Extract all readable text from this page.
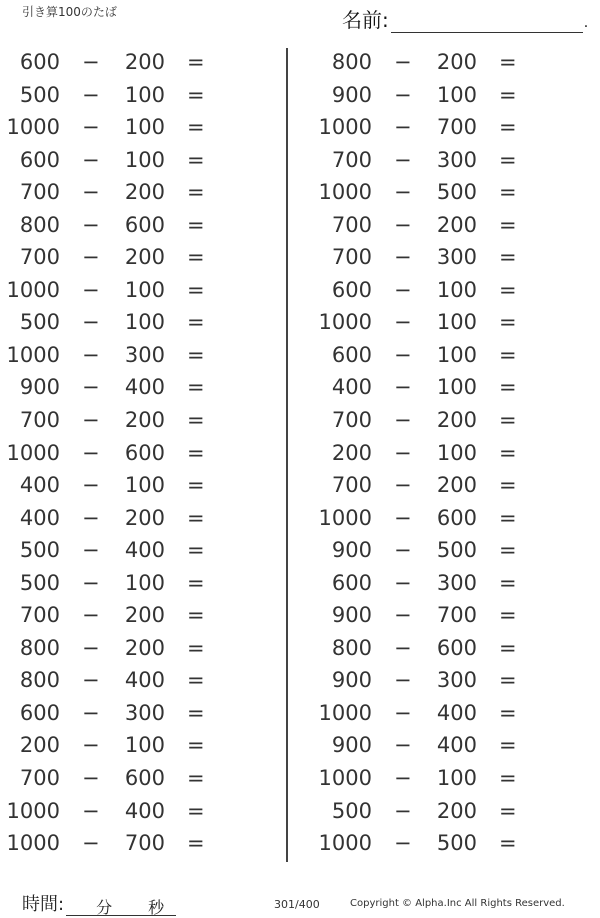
引き算100のたば	名前:	.
600 − 200 =
500 − 100 =
1000 − 100 =
600 − 100 =
700 − 200 =
800 − 600 =
700 − 200 =
1000 − 100 =
500 − 100 =
1000 − 300 =
900 − 400 =
700 − 200 =
1000 − 600 =
400 − 100 =
400 − 200 =
500 − 400 =
500 − 100 =
700 − 200 =
800 − 200 =
800 − 400 =
600 − 300 =
200 − 100 =
700 − 600 =
1000 − 400 =
1000 − 700 =
800 − 200 =
900 − 100 =
1000 − 700 =
700 − 300 =
1000 − 500 =
700 − 200 =
700 − 300 =
600 − 100 =
1000 − 100 =
600 − 100 =
400 − 100 =
700 − 200 =
200 − 100 =
700 − 200 =
1000 − 600 =
900 − 500 =
600 − 300 =
900 − 700 =
800 − 600 =
900 − 300 =
1000 − 400 =
900 − 400 =
1000 − 100 =
500 − 200 =
1000 − 500 =
時間: 分 秒	301/400	Copyright © Alpha.Inc All Rights Reserved.
